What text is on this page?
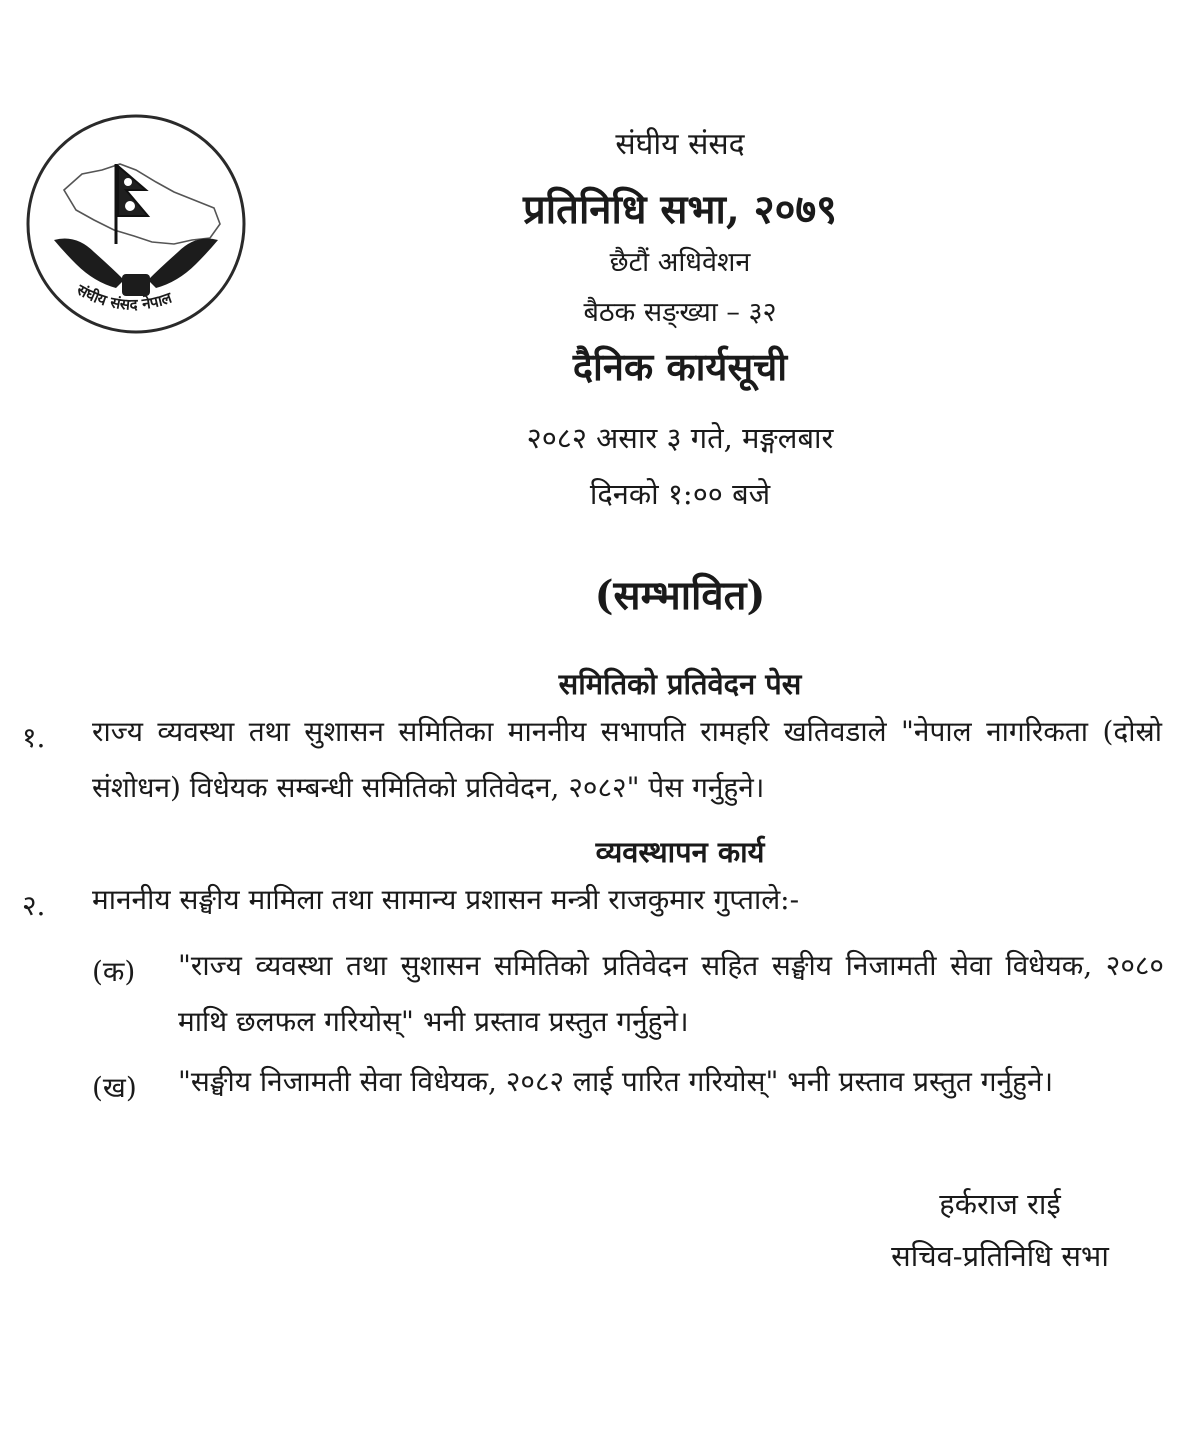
संघीय संसद नेपाल
संघीय संसद
प्रतिनिधि सभा, २०७९
छैटौं अधिवेशन
बैठक सङ्ख्या – ३२
दैनिक कार्यसूची
२०८२ असार ३ गते, मङ्गलबार
दिनको १:०० बजे
(सम्भावित)
समितिको प्रतिवेदन पेस
१. राज्य व्यवस्था तथा सुशासन समितिका माननीय सभापति रामहरि खतिवडाले "नेपाल नागरिकता (दोस्रो संशोधन) विधेयक सम्बन्धी समितिको प्रतिवेदन, २०८२" पेस गर्नुहुने।
व्यवस्थापन कार्य
२. माननीय सङ्घीय मामिला तथा सामान्य प्रशासन मन्त्री राजकुमार गुप्ताले:-
(क) "राज्य व्यवस्था तथा सुशासन समितिको प्रतिवेदन सहित सङ्घीय निजामती सेवा विधेयक, २०८० माथि छलफल गरियोस्" भनी प्रस्ताव प्रस्तुत गर्नुहुने।
(ख) "सङ्घीय निजामती सेवा विधेयक, २०८२ लाई पारित गरियोस्" भनी प्रस्ताव प्रस्तुत गर्नुहुने।
हर्कराज राई
सचिव-प्रतिनिधि सभा
